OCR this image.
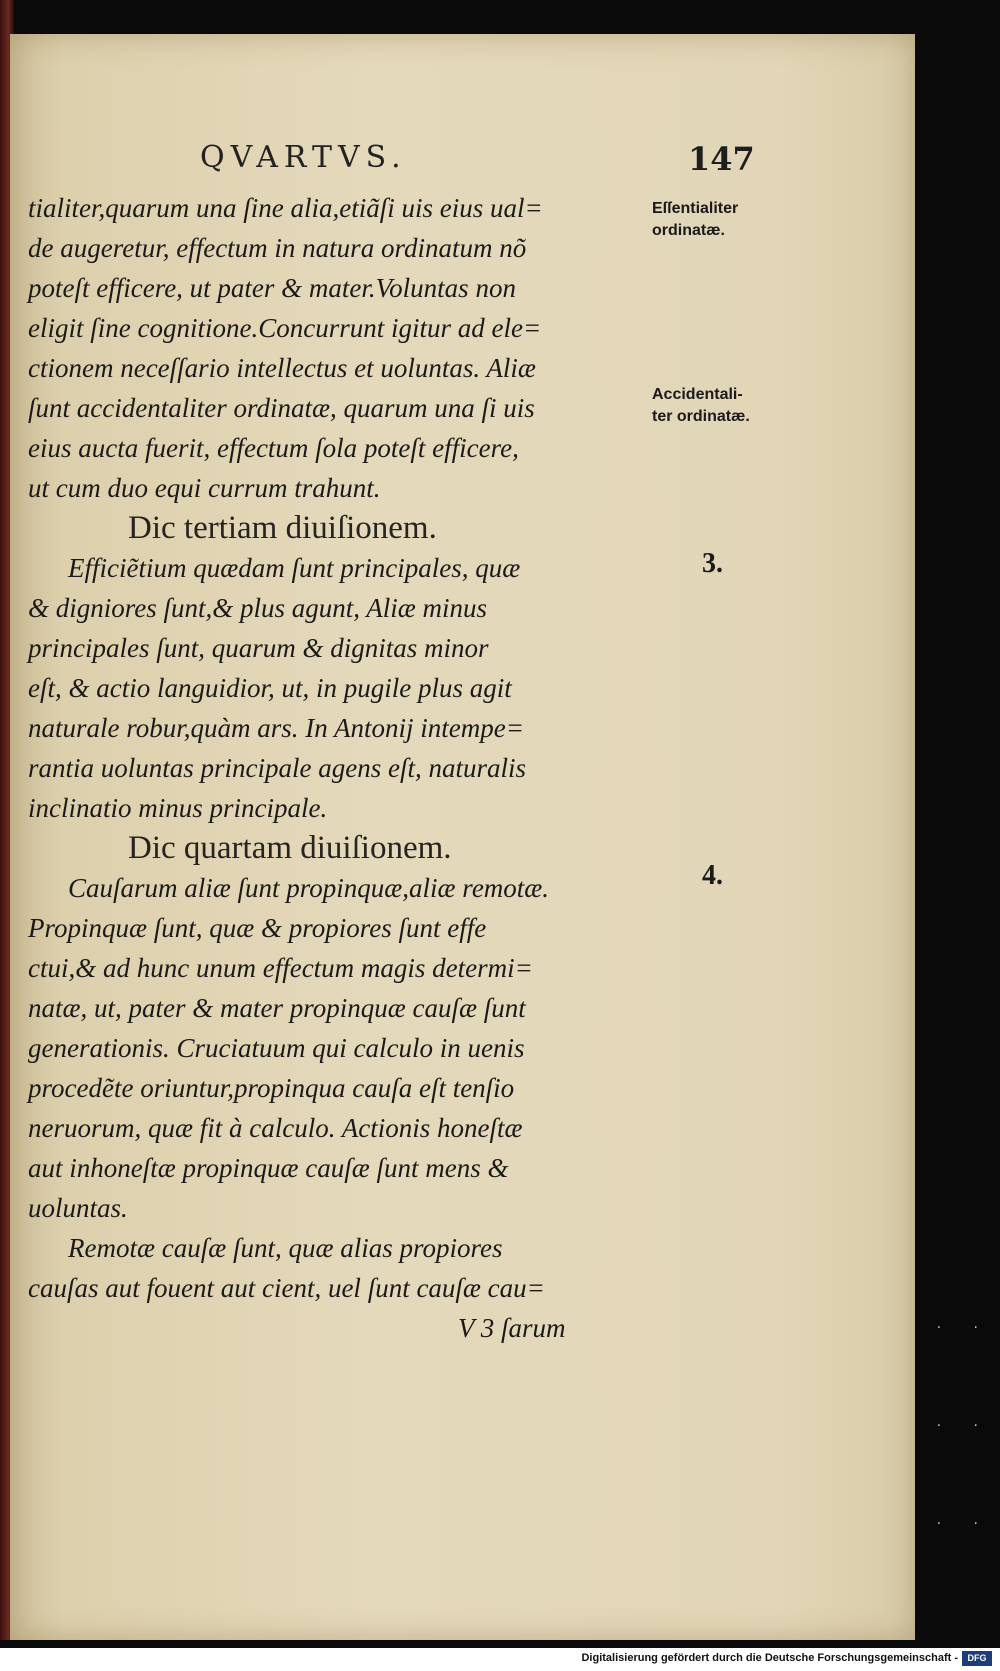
QVARTVS.	147
tialiter,quarum una ſine alia,etiãſi uis eius ual=
de augeretur, effectum in natura ordinatum nõ
poteſt efficere, ut pater & mater.Voluntas non
eligit ſine cognitione.Concurrunt igitur ad ele=
ctionem neceſſario intellectus et uoluntas. Aliæ
ſunt accidentaliter ordinatæ, quarum una ſi uis
eius aucta fuerit, effectum ſola poteſt efficere,
ut cum duo equi currum trahunt.
Dic tertiam diuiſionem.
Efficiẽtium quædam ſunt principales, quæ
& digniores ſunt,& plus agunt, Aliæ minus
principales ſunt, quarum & dignitas minor
eſt, & actio languidior, ut, in pugile plus agit
naturale robur,quàm ars. In Antonij intempe=
rantia uoluntas principale agens eſt, naturalis
inclinatio minus principale.
Dic quartam diuiſionem.
Cauſarum aliæ ſunt propinquæ,aliæ remotæ.
Propinquæ ſunt, quæ & propiores ſunt effe
ctui,& ad hunc unum effectum magis determi=
natæ, ut, pater & mater propinquæ cauſæ ſunt
generationis. Cruciatuum qui calculo in uenis
procedẽte oriuntur,propinqua cauſa eſt tenſio
neruorum, quæ fit à calculo. Actionis honeſtæ
aut inhoneſtæ propinquæ cauſæ ſunt mens &
uoluntas.
Remotæ cauſæ ſunt, quæ alias propiores
cauſas aut fouent aut cient, uel ſunt cauſæ cau=
V 3 ſarum
Eſſentialiter
ordinatæ.
Accidentali-
ter ordinatæ.
3.
4.
· · ·
· · ·
· · ·
Digitalisierung gefördert durch die Deutsche Forschungsgemeinschaft -	DFG
